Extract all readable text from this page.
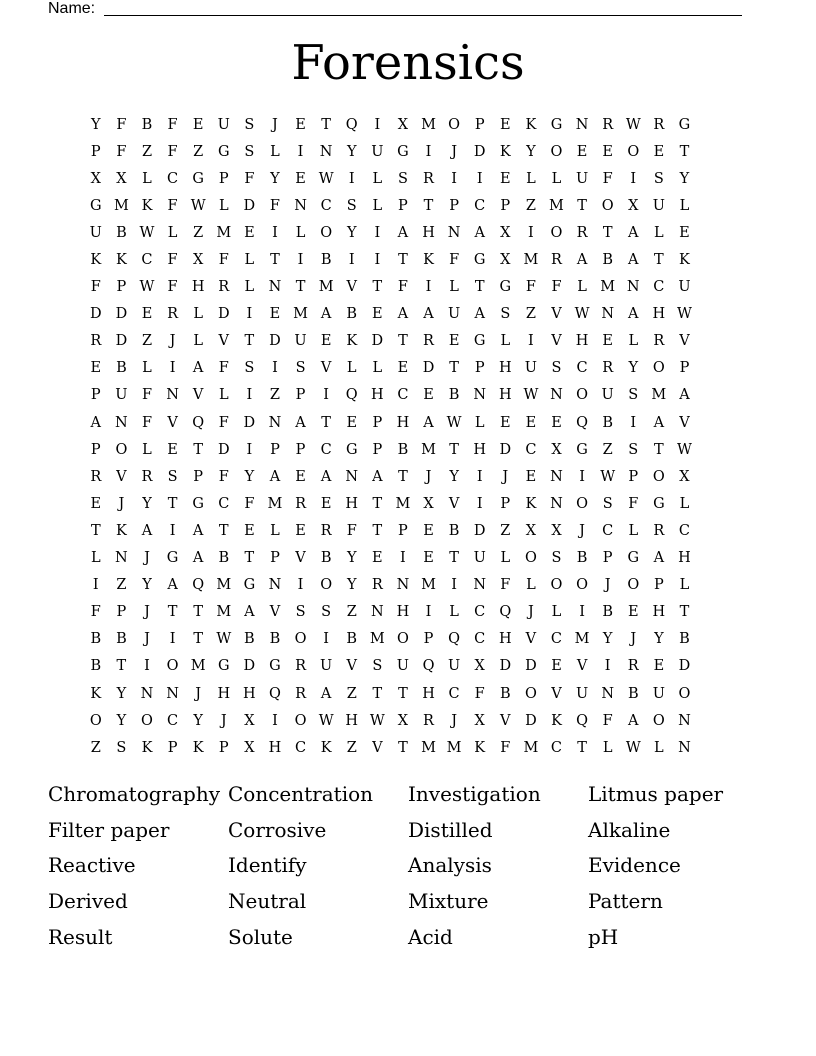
Name:
Forensics
Y	F	B	F	E U	S	J	E	T	Q	I	X M O	P	E	K G N R W R G
P	F	Z	F	Z	G	S	L	I	N Y	U G	I	J	D K	Y	O E	E O E	T
X	X	L	C G	P	F	Y	E W	I	L	S	R	I	I	E	L	L	U F	I	S	Y
G M K	F W L	D	F N C	S	L	P	T	P	C	P	Z M T	O X U	L
U B W L	Z M E	I	L	O	Y	I	A H N A	X	I	O R	T	A	L	E
K	K	C	F	X	F	L	T	I	B	I	I	T	K	F	G	X M R	A	B	A	T	K
F	P W F H R	L N T M V	T	F	I	L	T	G	F	F	L M N C U
D D E	R	L	D	I	E M A	B	E	A	A U A	S	Z	V W N A H W
R D	Z	J	L	V	T	D U E	K D	T	R	E	G	L	I	V H E	L	R	V
E	B	L	I	A	F	S	I	S	V	L	L	E D	T	P H U	S	C	R	Y	O	P
P	U F N V	L	I	Z	P	I	Q H C	E	B N H W N O U	S M A
A N F	V Q	F	D N A	T	E	P H A W L	E	E	E Q B	I	A	V
P	O	L	E	T	D	I	P	P	C G	P	B M T H D C	X	G	Z	S	T W
R	V	R	S	P	F	Y	A	E	A N A	T	J	Y	I	J	E N	I	W P	O X
E	J	Y	T	G C	F M R	E H T M X	V	I	P	K N O	S	F	G	L
T	K	A	I	A	T	E	L	E	R	F	T	P	E	B D	Z	X	X	J	C	L	R	C
L N	J	G	A	B	T	P	V	B	Y	E	I	E	T	U	L	O	S	B	P	G	A H
I	Z	Y	A Q M G N	I	O	Y	R N M	I	N F	L	O O	J	O	P	L
F	P	J	T	T M A	V	S	S	Z N H	I	L	C Q	J	L	I	B	E H T
B	B	J	I	T W B	B O	I	B M O	P	Q C H V	C M Y	J	Y	B
B	T	I	O M G D G R U V	S	U Q U X	D D E	V	I	R	E D
K	Y N N	J	H H Q R	A	Z	T	T H C	F	B O V U N B U O
O	Y	O C	Y	J	X	I	O W H W X	R	J	X	V	D K Q	F	A O N
Z	S	K	P	K	P	X H C	K	Z	V	T M M K	F M C	T	L W L N
Chromatography Concentration	Investigation	Litmus paper
Filter paper	Corrosive	Distilled	Alkaline
Reactive	Identify	Analysis	Evidence
Derived	Neutral	Mixture	Pattern
Result	Solute	Acid	pH
